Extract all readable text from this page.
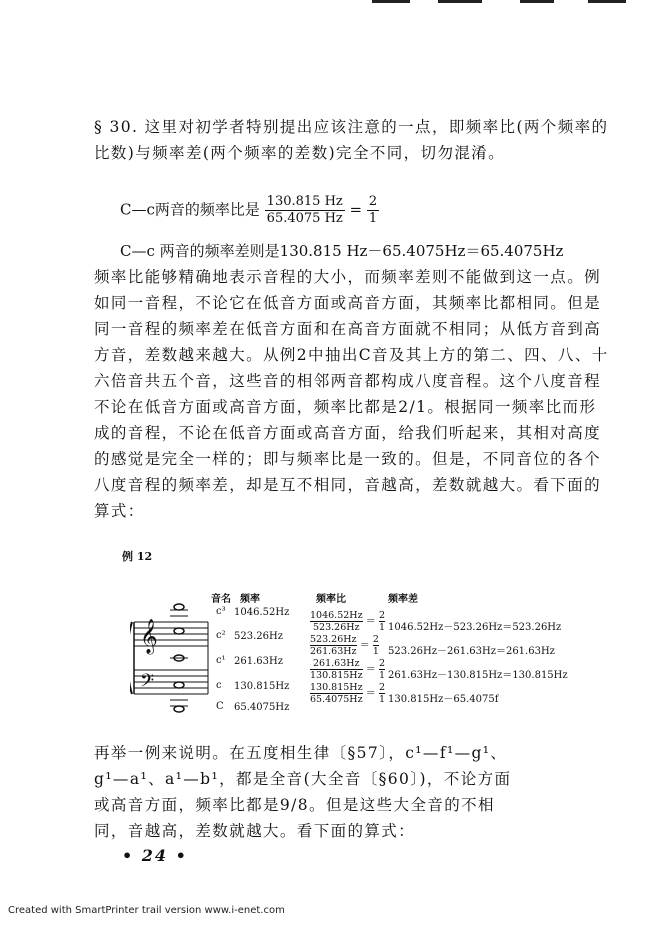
§ 30. 这里对初学者特别提出应该注意的一点，即频率比(两个频率的比数)与频率差(两个频率的差数)完全不同，切勿混淆。

C—c两音的频率比是 $\frac{130.815 Hz}{65.4075 Hz} = \frac{2}{1}$
C—c 两音的频率差则是130.815 Hz－65.4075Hz＝65.4075Hz

频率比能够精确地表示音程的大小，而频率差则不能做到这一点。例如同一音程，不论它在低音方面或高音方面，其频率比都相同。但是同一音程的频率差在低音方面和在高音方面就不相同；从低方音到高方音，差数越来越大。从例2中抽出C音及其上方的第二、四、八、十六倍音共五个音，这些音的相邻两音都构成八度音程。这个八度音程不论在低音方面或高音方面，频率比都是2/1。根据同一频率比而形成的音程，不论在低音方面或高音方面，给我们听起来，其相对高度的感觉是完全一样的；即与频率比是一致的。但是，不同音位的各个八度音程的频率差，却是互不相同，音越高，差数就越大。看下面的算式：

例 12
音名 频率	频率比	频率差
𝄞
𝄢
c³ 1046.52Hz
c² 523.26Hz
c¹ 261.63Hz
c 130.815Hz
C 65.4075Hz
$\frac{1046.52Hz}{523.26Hz} = \frac{2}{1}$
$\frac{523.26Hz}{261.63Hz} = \frac{2}{1}$
$\frac{261.63Hz}{130.815Hz} = \frac{2}{1}$
$\frac{130.815Hz}{65.4075Hz} = \frac{2}{1}$
1046.52Hz－523.26Hz＝523.26Hz
523.26Hz－261.63Hz＝261.63Hz
261.63Hz－130.815Hz＝130.815Hz
130.815Hz－65.4075f

再举一例来说明。在五度相生律〔§57〕，c¹—f¹—g¹、g¹—a¹、a¹—b¹，都是全音(大全音〔§60〕)，不论方面或高音方面，频率比都是9/8。但是这些大全音的不相同，音越高，差数就越大。看下面的算式：

• 24 •
Created with SmartPrinter trail version www.i-enet.com
